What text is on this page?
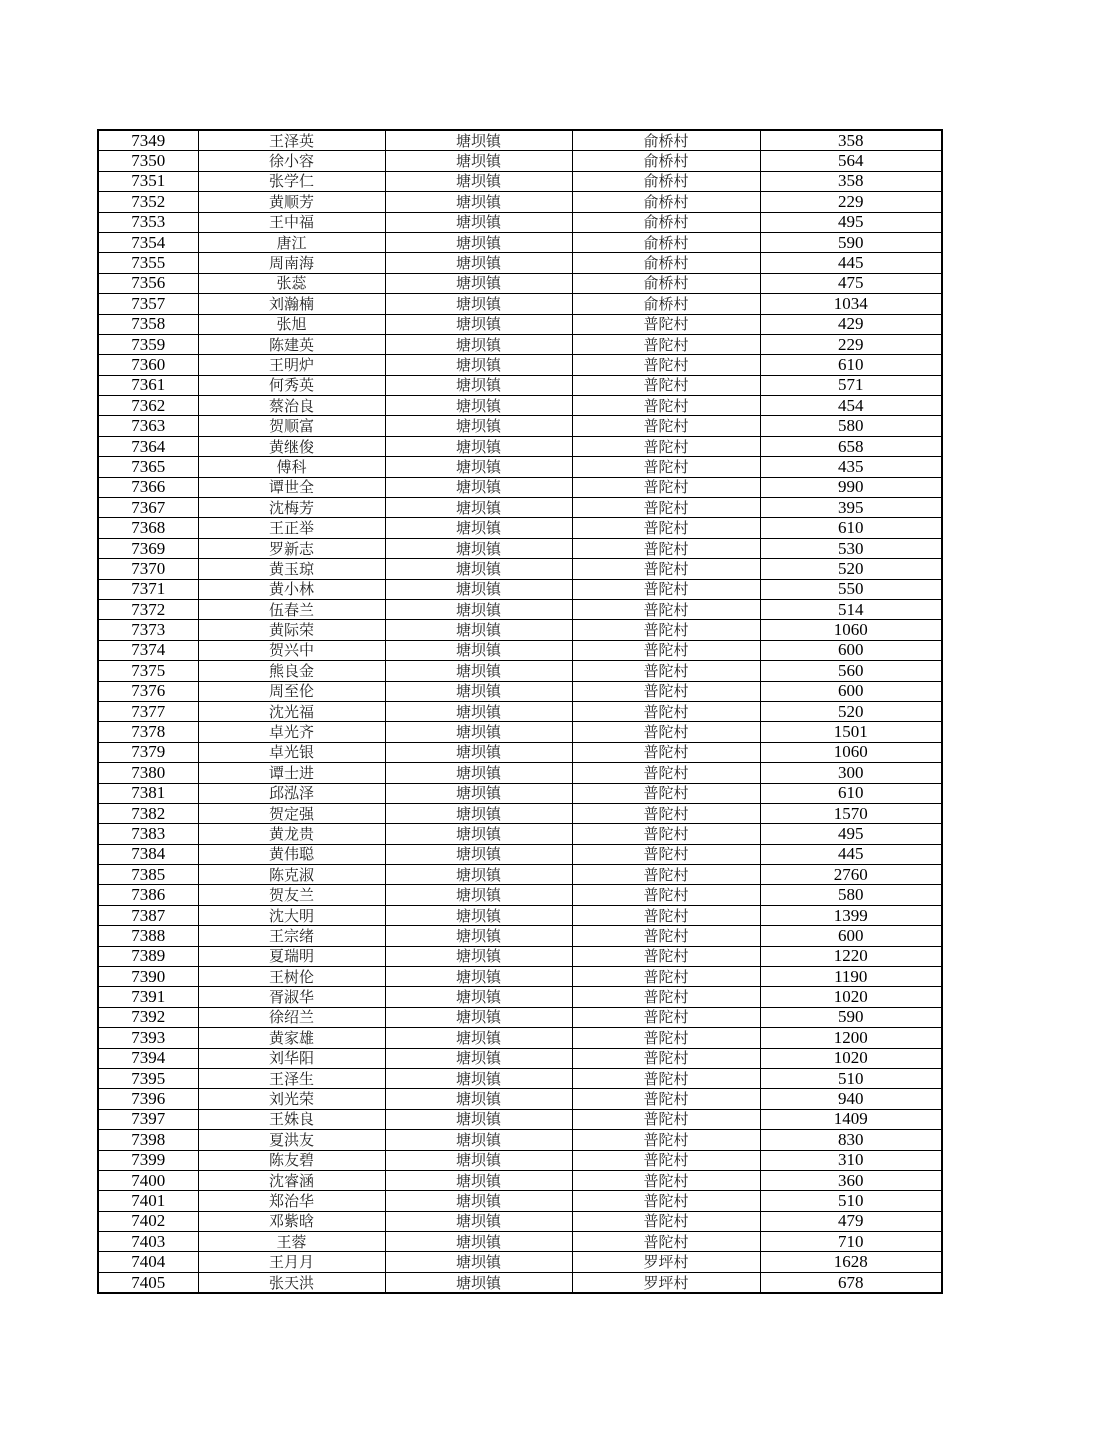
7349	王泽英	塘坝镇	俞桥村	358
7350	徐小容	塘坝镇	俞桥村	564
7351	张学仁	塘坝镇	俞桥村	358
7352	黄顺芳	塘坝镇	俞桥村	229
7353	王中福	塘坝镇	俞桥村	495
7354	唐江	塘坝镇	俞桥村	590
7355	周南海	塘坝镇	俞桥村	445
7356	张蕊	塘坝镇	俞桥村	475
7357	刘瀚楠	塘坝镇	俞桥村	1034
7358	张旭	塘坝镇	普陀村	429
7359	陈建英	塘坝镇	普陀村	229
7360	王明炉	塘坝镇	普陀村	610
7361	何秀英	塘坝镇	普陀村	571
7362	蔡治良	塘坝镇	普陀村	454
7363	贺顺富	塘坝镇	普陀村	580
7364	黄继俊	塘坝镇	普陀村	658
7365	傅科	塘坝镇	普陀村	435
7366	谭世全	塘坝镇	普陀村	990
7367	沈梅芳	塘坝镇	普陀村	395
7368	王正举	塘坝镇	普陀村	610
7369	罗新志	塘坝镇	普陀村	530
7370	黄玉琼	塘坝镇	普陀村	520
7371	黄小林	塘坝镇	普陀村	550
7372	伍春兰	塘坝镇	普陀村	514
7373	黄际荣	塘坝镇	普陀村	1060
7374	贺兴中	塘坝镇	普陀村	600
7375	熊良金	塘坝镇	普陀村	560
7376	周至伦	塘坝镇	普陀村	600
7377	沈光福	塘坝镇	普陀村	520
7378	卓光齐	塘坝镇	普陀村	1501
7379	卓光银	塘坝镇	普陀村	1060
7380	谭士进	塘坝镇	普陀村	300
7381	邱泓泽	塘坝镇	普陀村	610
7382	贺定强	塘坝镇	普陀村	1570
7383	黄龙贵	塘坝镇	普陀村	495
7384	黄伟聪	塘坝镇	普陀村	445
7385	陈克淑	塘坝镇	普陀村	2760
7386	贺友兰	塘坝镇	普陀村	580
7387	沈大明	塘坝镇	普陀村	1399
7388	王宗绪	塘坝镇	普陀村	600
7389	夏瑞明	塘坝镇	普陀村	1220
7390	王树伦	塘坝镇	普陀村	1190
7391	胥淑华	塘坝镇	普陀村	1020
7392	徐绍兰	塘坝镇	普陀村	590
7393	黄家雄	塘坝镇	普陀村	1200
7394	刘华阳	塘坝镇	普陀村	1020
7395	王泽生	塘坝镇	普陀村	510
7396	刘光荣	塘坝镇	普陀村	940
7397	王姝良	塘坝镇	普陀村	1409
7398	夏洪友	塘坝镇	普陀村	830
7399	陈友碧	塘坝镇	普陀村	310
7400	沈睿涵	塘坝镇	普陀村	360
7401	郑治华	塘坝镇	普陀村	510
7402	邓紫晗	塘坝镇	普陀村	479
7403	王蓉	塘坝镇	普陀村	710
7404	王月月	塘坝镇	罗坪村	1628
7405	张天洪	塘坝镇	罗坪村	678
